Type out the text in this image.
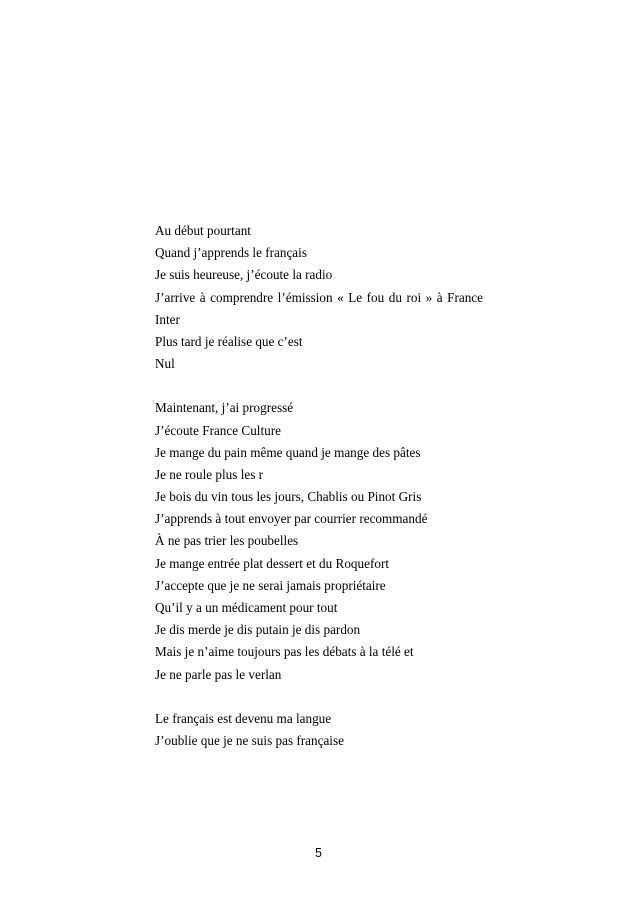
Au début pourtant
Quand j’apprends le français
Je suis heureuse, j’écoute la radio
J’arrive à comprendre l’émission « Le fou du roi » à France
Inter
Plus tard je réalise que c’est
Nul
Maintenant, j’ai progressé
J’écoute France Culture
Je mange du pain même quand je mange des pâtes
Je ne roule plus les r
Je bois du vin tous les jours, Chablis ou Pinot Gris
J’apprends à tout envoyer par courrier recommandé
À ne pas trier les poubelles
Je mange entrée plat dessert et du Roquefort
J’accepte que je ne serai jamais propriétaire
Qu’il y a un médicament pour tout
Je dis merde je dis putain je dis pardon
Mais je n’aime toujours pas les débats à la télé et
Je ne parle pas le verlan
Le français est devenu ma langue
J’oublie que je ne suis pas française
5
